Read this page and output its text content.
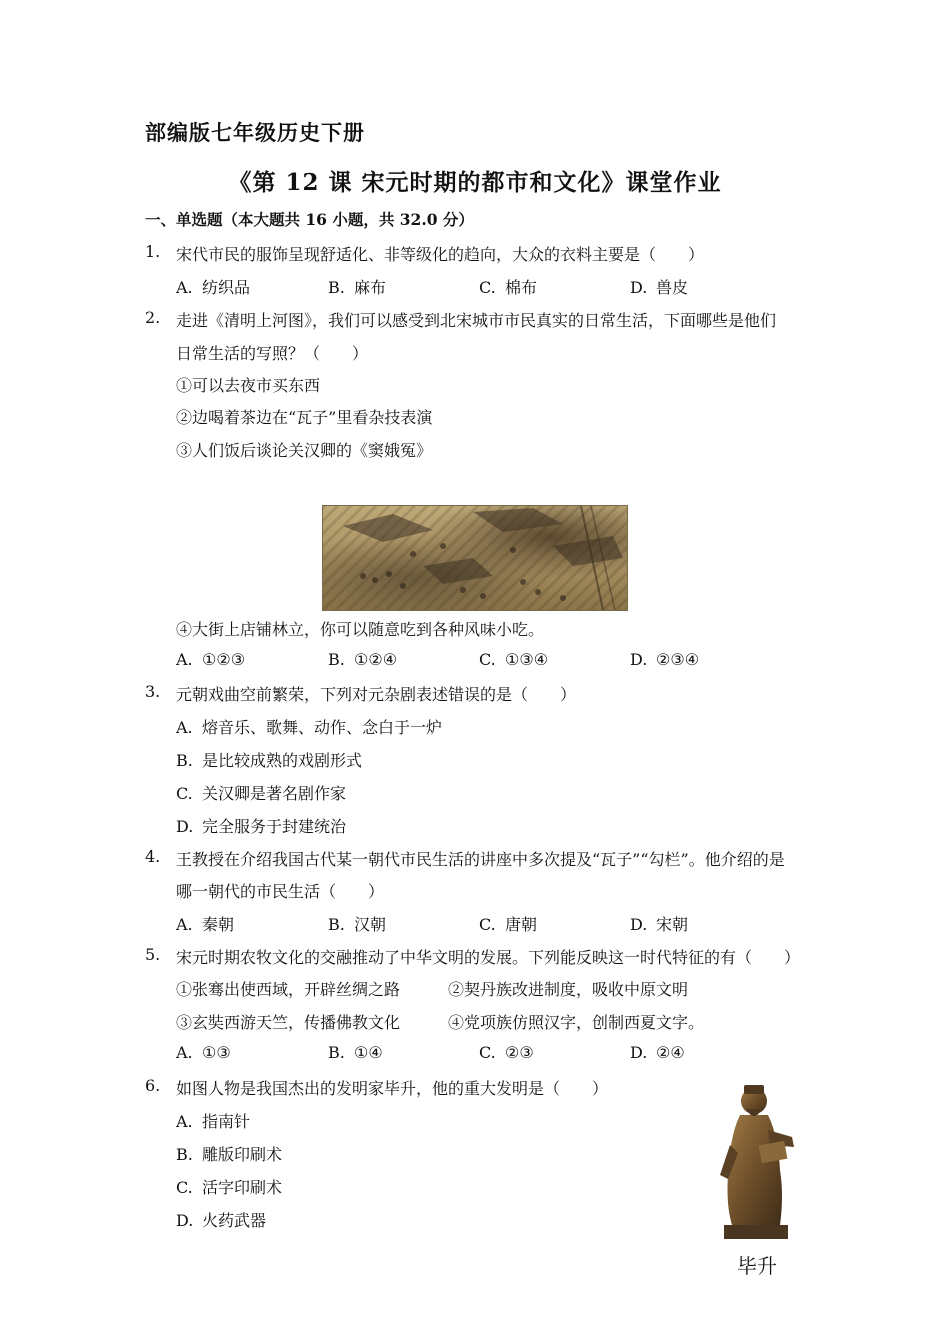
部编版七年级历史下册
《第 12 课 宋元时期的都市和文化》课堂作业
一、单选题（本大题共 16 小题，共 32.0 分）
1. 宋代市民的服饰呈现舒适化、非等级化的趋向，大众的衣料主要是（　　）
A. 纺织品	B. 麻布	C. 棉布	D. 兽皮
2. 走进《清明上河图》，我们可以感受到北宋城市市民真实的日常生活，下面哪些是他们
日常生活的写照？（　　）
①可以去夜市买东西
②边喝着茶边在“瓦子”里看杂技表演
③人们饭后谈论关汉卿的《窦娥冤》
④大街上店铺林立，你可以随意吃到各种风味小吃。
A. ①②③	B. ①②④	C. ①③④	D. ②③④
3. 元朝戏曲空前繁荣，下列对元杂剧表述错误的是（　　）
A. 熔音乐、歌舞、动作、念白于一炉
B. 是比较成熟的戏剧形式
C. 关汉卿是著名剧作家
D. 完全服务于封建统治
4. 王教授在介绍我国古代某一朝代市民生活的讲座中多次提及“瓦子”“勾栏”。他介绍的是
哪一朝代的市民生活（　　）
A. 秦朝	B. 汉朝	C. 唐朝	D. 宋朝
5. 宋元时期农牧文化的交融推动了中华文明的发展。下列能反映这一时代特征的有（　　）
①张骞出使西域，开辟丝绸之路	②契丹族改进制度，吸收中原文明
③玄奘西游天竺，传播佛教文化	④党项族仿照汉字，创制西夏文字。
A. ①③	B. ①④	C. ②③	D. ②④
6. 如图人物是我国杰出的发明家毕升，他的重大发明是（　　）
A. 指南针
B. 雕版印刷术
C. 活字印刷术
D. 火药武器
毕升
